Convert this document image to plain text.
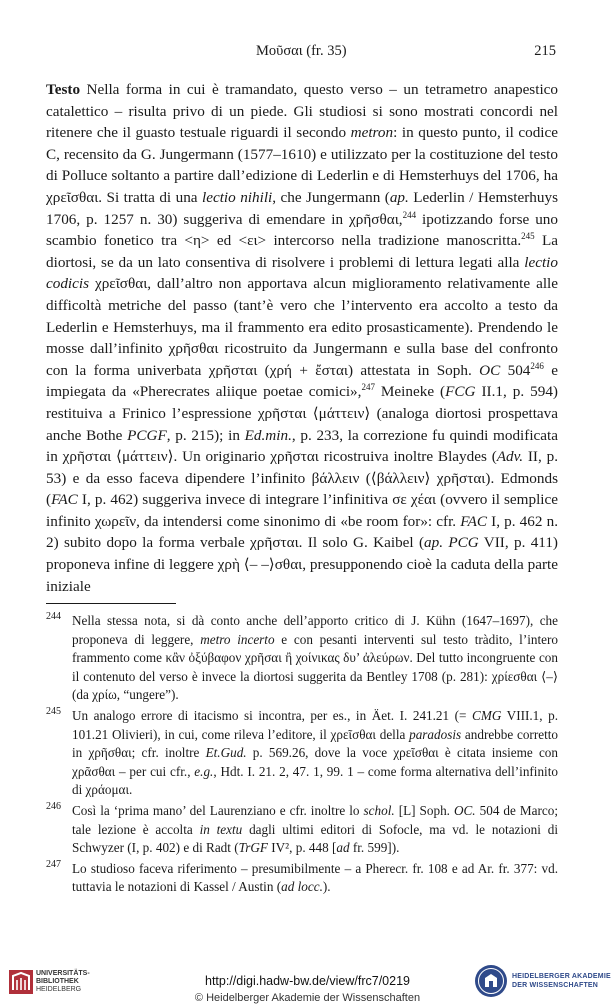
Μοῦσαι (fr. 35)	215

Testo Nella forma in cui è tramandato, questo verso – un tetrametro anapestico catalettico – risulta privo di un piede. Gli studiosi si sono mostrati concordi nel ritenere che il guasto testuale riguardi il secondo metron: in questo punto, il codice C, recensito da G. Jungermann (1577–1610) e utilizzato per la costituzione del testo di Polluce soltanto a partire dall’edizione di Lederlin e di Hemsterhuys del 1706, ha χρεῖσθαι. Si tratta di una lectio nihili, che Jungermann (ap. Lederlin / Hemsterhuys 1706, p. 1257 n. 30) suggeriva di emendare in χρῆσθαι,$^{244}$ ipotizzando forse uno scambio fonetico tra <η> ed <ει> intercorso nella tradizione manoscritta.$^{245}$ La diortosi, se da un lato consentiva di risolvere i problemi di lettura legati alla lectio codicis χρεῖσθαι, dall’altro non apportava alcun miglioramento relativamente alle difficoltà metriche del passo (tant’è vero che l’intervento era accolto a testo da Lederlin e Hemsterhuys, ma il frammento era edito prosasticamente). Prendendo le mosse dall’infinito χρῆσθαι ricostruito da Jungermann e sulla base del confronto con la forma univerbata χρῆσται (χρή + ἔσται) attestata in Soph. OC $504^{246}$ e impiegata da «Pherecrates aliique poetae comici»,$^{247}$ Meineke (FCG II.1, p. 594) restituiva a Frinico l’espressione χρῆσται ⟨μάττειν⟩ (analoga diortosi prospettava anche Bothe PCGF, p. 215); in Ed.min., p. 233, la correzione fu quindi modificata in χρῆσται ⟨μάττειν⟩. Un originario χρῆσται ricostruiva inoltre Blaydes (Adv. II, p. 53) e da esso faceva dipendere l’infinito βάλλειν (⟨βάλλειν⟩ χρῆσται). Edmonds (FAC I, p. 462) suggeriva invece di integrare l’infinitiva σε χέαι (ovvero il semplice infinito χωρεῖν, da intendersi come sinonimo di «be room for»: cfr. FAC I, p. 462 n. 2) subito dopo la forma verbale χρῆσται. Il solo G. Kaibel (ap. PCG VII, p. 411) proponeva infine di leggere χρὴ ⟨– –⟩σθαι, presupponendo cioè la caduta della parte iniziale

244 Nella stessa nota, si dà conto anche dell’apporto critico di J. Kühn (1647–1697), che proponeva di leggere, metro incerto e con pesanti interventi sul testo tràdito, l’intero frammento come κἂν ὀξύβαφον χρῆσαι ἢ χοίνικας δυ’ ἀλεύρων. Del tutto incongruente con il contenuto del verso è invece la diortosi suggerita da Bentley 1708 (p. 281): χρίεσθαι ⟨–⟩ (da χρίω, “ungere”).
245 Un analogo errore di itacismo si incontra, per es., in Äet. I. 241.21 (= CMG VIII.1, p. 101.21 Olivieri), in cui, come rileva l’editore, il χρεῖσθαι della paradosis andrebbe corretto in χρῆσθαι; cfr. inoltre Et.Gud. p. 569.26, dove la voce χρεῖσθαι è citata insieme con χρᾶσθαι – per cui cfr., e.g., Hdt. I. 21. 2, 47. 1, 99. 1 – come forma alternativa dell’infinito di χράομαι.
246 Così la ‘prima mano’ del Laurenziano e cfr. inoltre lo schol. [L] Soph. OC. 504 de Marco; tale lezione è accolta in textu dagli ultimi editori di Sofocle, ma vd. le notazioni di Schwyzer (I, p. 402) e di Radt (TrGF IV², p. 448 [ad fr. 599]).
247 Lo studioso faceva riferimento – presumibilmente – a Pherecr. fr. 108 e ad Ar. fr. 377: vd. tuttavia le notazioni di Kassel / Austin (ad locc.).
UNIVERSITÄTS-
BIBLIOTHEK
HEIDELBERG
http://digi.hadw-bw.de/view/frc7/0219
© Heidelberger Akademie der Wissenschaften
HEIDELBERGER AKADEMIE
DER WISSENSCHAFTEN
